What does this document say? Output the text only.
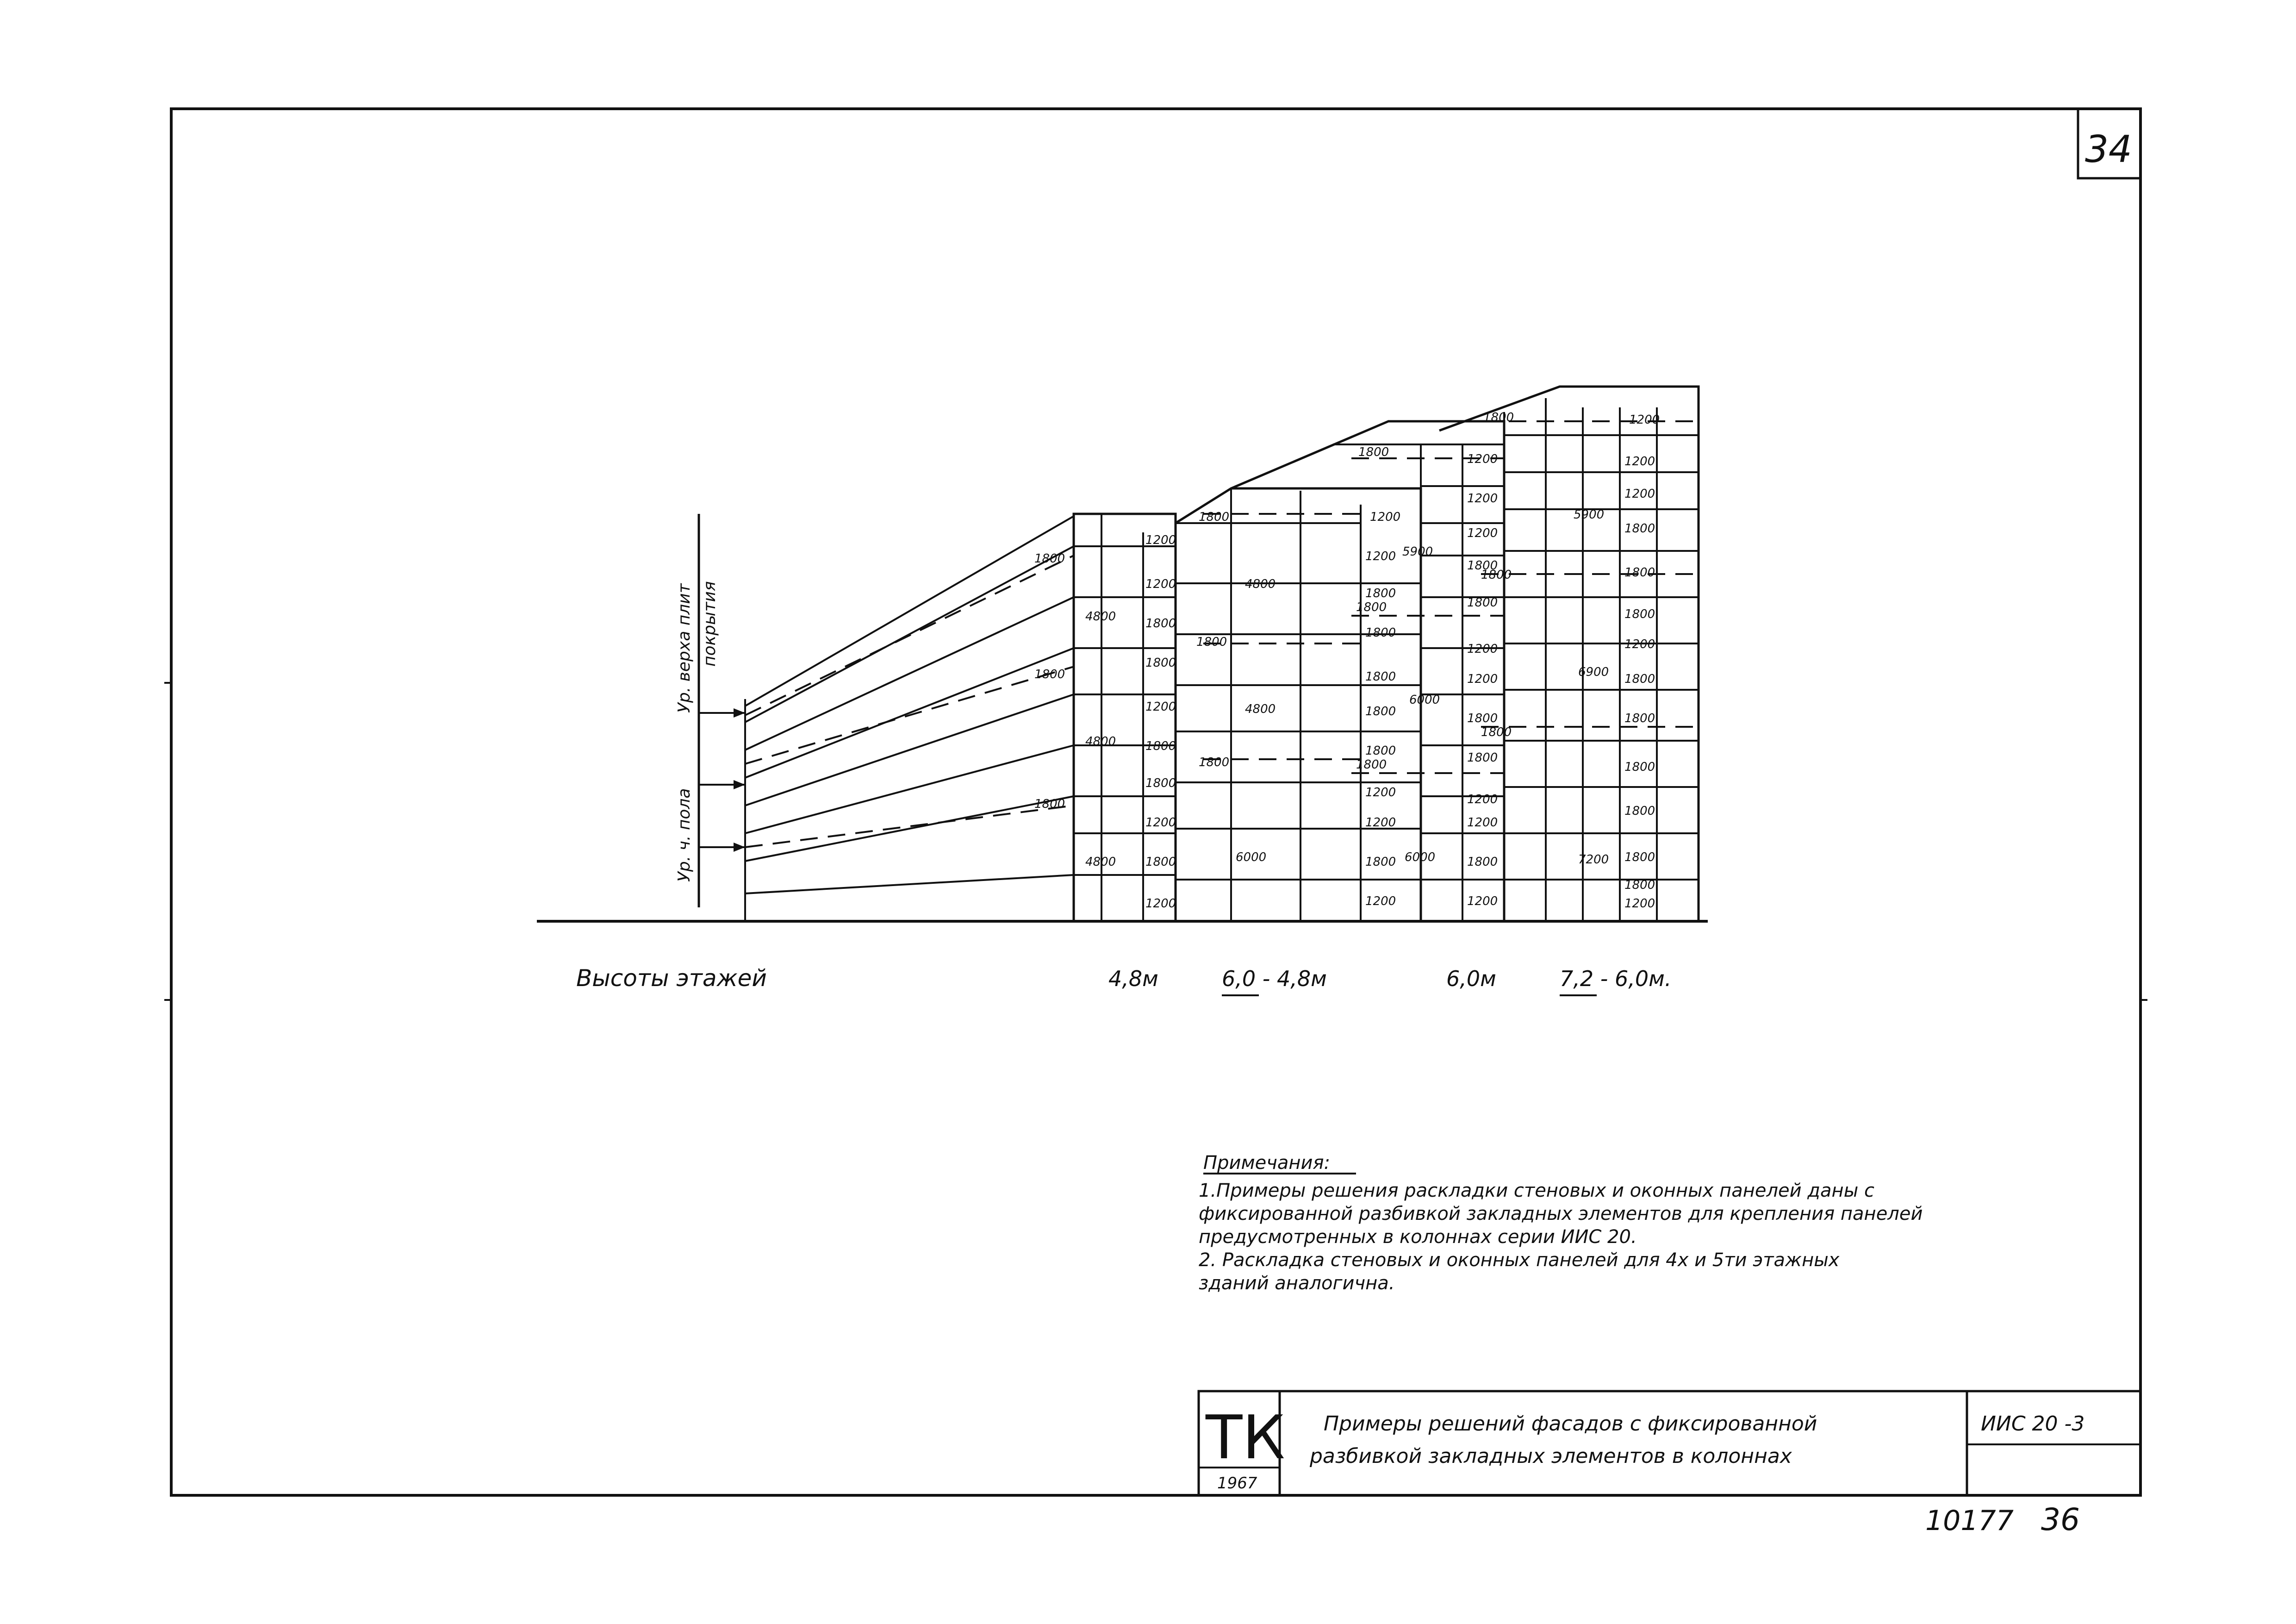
34
4800
4800
4800
1800
1800
1800
4800
4800
6000
1800
1800
1800
5900
6000
6000
1800
1800
1800
5900
6900
7200
1800
1800
1800
1200
1200
1800
1800
1200
1800
1800
1200
1800
1200
1200
1200
1800
1800
1800
1800
1800
1200
1200
1800
1200
1200
1200
1200
1800
1800
1200
1200
1800
1800
1200
1200
1800
1200
1200
1200
1200
1800
1800
1800
1200
1800
1800
1800
1800
1800
1800
1200
Ур. верха плит покрытия
Ур. ч. пола
Высоты этажей	4,8м	6,0 - 4,8м	6,0м	7,2 - 6,0м.
Примечания:
1.Примеры решения раскладки стеновых и оконных панелей даны с
фиксированной разбивкой закладных элементов для крепления панелей
предусмотренных в колоннах серии ИИС 20.
2. Раскладка стеновых и оконных панелей для 4х и 5ти этажных
зданий аналогична.
ТК
1967
Примеры решений фасадов с фиксированной
разбивкой закладных элементов в колоннах
ИИС 20 -3
10177 36
